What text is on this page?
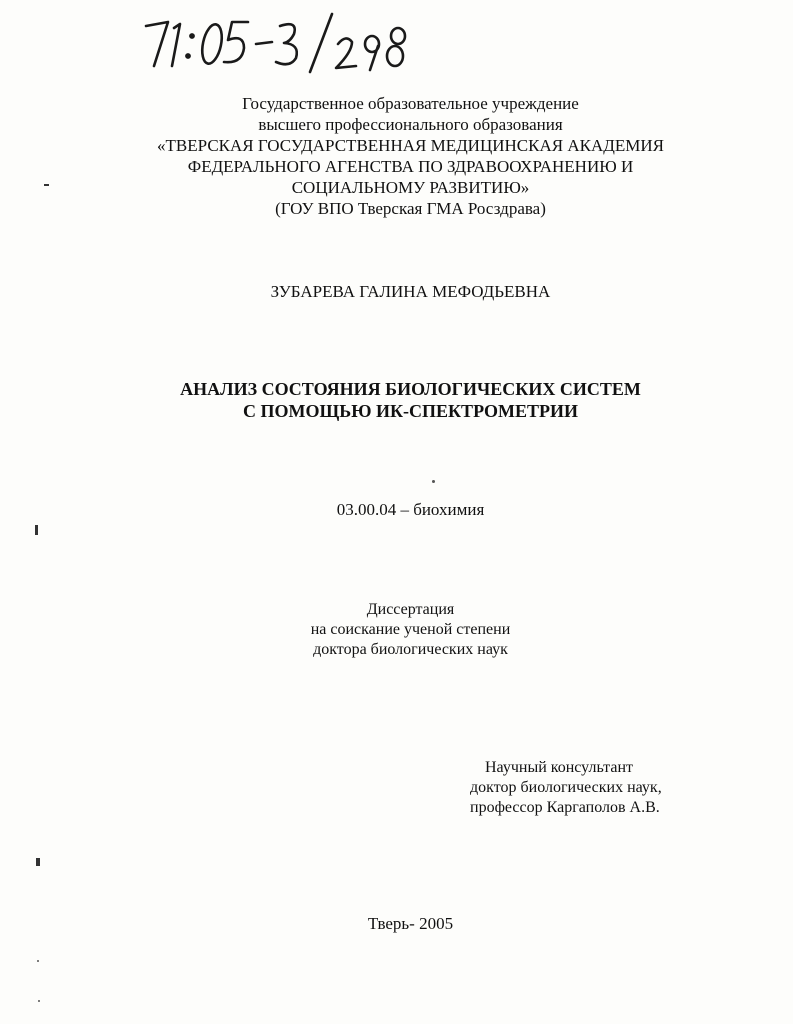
Государственное образовательное учреждение
высшего профессионального образования
«ТВЕРСКАЯ ГОСУДАРСТВЕННАЯ МЕДИЦИНСКАЯ АКАДЕМИЯ
ФЕДЕРАЛЬНОГО АГЕНСТВА ПО ЗДРАВООХРАНЕНИЮ И
СОЦИАЛЬНОМУ РАЗВИТИЮ»
(ГОУ ВПО Тверская ГМА Росздрава)
ЗУБАРЕВА ГАЛИНА МЕФОДЬЕВНА
АНАЛИЗ СОСТОЯНИЯ БИОЛОГИЧЕСКИХ СИСТЕМ
С ПОМОЩЬЮ ИК-СПЕКТРОМЕТРИИ
03.00.04 – биохимия
Диссертация
на соискание ученой степени
доктора биологических наук
Научный консультант
доктор биологических наук,
профессор Каргаполов А.В.
Тверь- 2005
